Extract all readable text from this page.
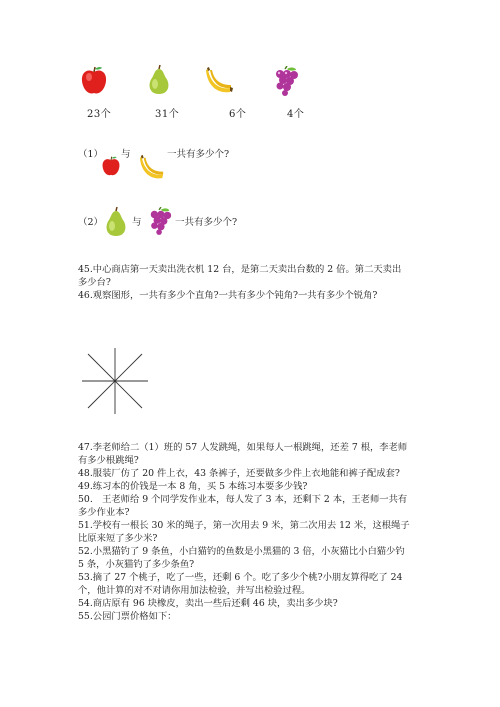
23个	31个	6个	4个
（1） 与	一共有多少个?
（2）	与	一共有多少个?
45.中心商店第一天卖出洗衣机 12 台，是第二天卖出台数的 2 倍。第二天卖出
多少台?
46.观察图形，一共有多少个直角?一共有多少个钝角?一共有多少个锐角?
47.李老师给二（1）班的 57 人发跳绳，如果每人一根跳绳，还差 7 根，李老师
有多少根跳绳?
48.服装厂仿了 20 件上衣，43 条裤子，还要做多少件上衣地能和裤子配成套?
49.练习本的价钱是一本 8 角，买 5 本练习本要多少钱?
50.　王老师给 9 个同学发作业本，每人发了 3 本，还剩下 2 本，王老师一共有
多少作业本?
51.学校有一根长 30 米的绳子，第一次用去 9 米，第二次用去 12 米，这根绳子
比原来短了多少米?
52.小黑猫钓了 9 条鱼，小白猫钓的鱼数是小黑猫的 3 倍，小灰猫比小白猫少钓
5 条，小灰猫钓了多少条鱼?
53.摘了 27 个桃子，吃了一些，还剩 6 个。吃了多少个桃?小朋友算得吃了 24
个，他计算的对不对请你用加法检验，并写出检验过程。
54.商店原有 96 块橡皮，卖出一些后还剩 46 块，卖出多少块?
55.公园门票价格如下：
